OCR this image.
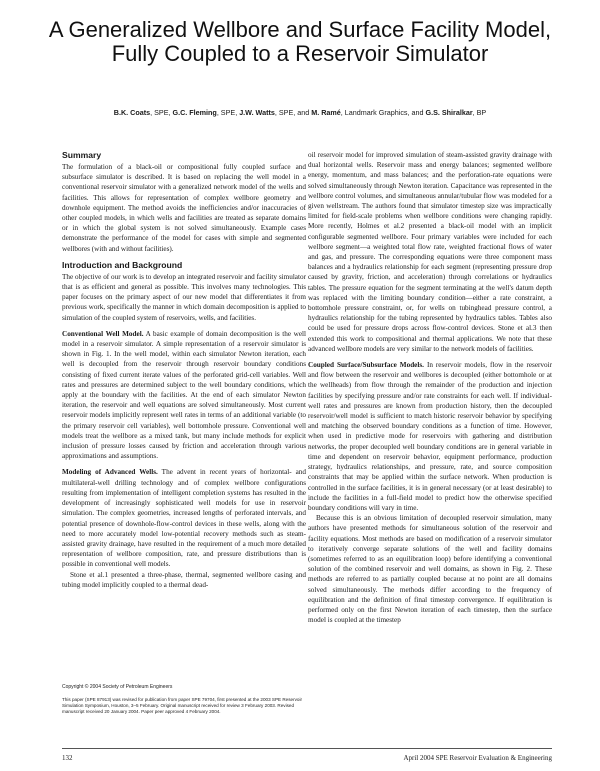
A Generalized Wellbore and Surface Facility Model, Fully Coupled to a Reservoir Simulator
B.K. Coats, SPE, G.C. Fleming, SPE, J.W. Watts, SPE, and M. Ramé, Landmark Graphics, and G.S. Shiralkar, BP
Summary

The formulation of a black-oil or compositional fully coupled surface and subsurface simulator is described. It is based on replacing the well model in a conventional reservoir simulator with a generalized network model of the wells and facilities. This allows for representation of complex wellbore geometry and downhole equipment. The method avoids the inefficiencies and/or inaccuracies of other coupled models, in which wells and facilities are treated as separate domains or in which the global system is not solved simultaneously. Example cases demonstrate the performance of the model for cases with simple and segmented wellbores (with and without facilities).

Introduction and Background

The objective of our work is to develop an integrated reservoir and facility simulator that is as efficient and general as possible. This involves many technologies. This paper focuses on the primary aspect of our new model that differentiates it from previous work, specifically the manner in which domain decomposition is applied to simulation of the coupled system of reservoirs, wells, and facilities.

Conventional Well Model. A basic example of domain decomposition is the well model in a reservoir simulator. A simple representation of a reservoir simulator is shown in Fig. 1. In the well model, within each simulator Newton iteration, each well is decoupled from the reservoir through reservoir boundary conditions consisting of fixed current iterate values of the perforated grid-cell variables. Well rates and pressures are determined subject to the well boundary conditions, which apply at the boundary with the facilities. At the end of each simulator Newton iteration, the reservoir and well equations are solved simultaneously. Most current reservoir models implicitly represent well rates in terms of an additional variable (to the primary reservoir cell variables), well bottomhole pressure. Conventional well models treat the wellbore as a mixed tank, but many include methods for explicit inclusion of pressure losses caused by friction and acceleration through various approximations and assumptions.

Modeling of Advanced Wells. The advent in recent years of horizontal- and multilateral-well drilling technology and of complex wellbore configurations resulting from implementation of intelligent completion systems has resulted in the development of increasingly sophisticated well models for use in reservoir simulation. The complex geometries, increased lengths of perforated intervals, and potential presence of downhole-flow-control devices in these wells, along with the need to more accurately model low-potential recovery methods such as steam-assisted gravity drainage, have resulted in the requirement of a much more detailed representation of wellbore composition, rate, and pressure distributions than is possible in conventional well models.

Stone et al.1 presented a three-phase, thermal, segmented wellbore casing and tubing model implicitly coupled to a thermal dead-

Copyright © 2004 Society of Petroleum Engineers
This paper (SPE 87913) was revised for publication from paper SPE 79704, first presented at the 2003 SPE Reservoir Simulation Symposium, Houston, 3–5 February. Original manuscript received for review 3 February 2003. Revised manuscript received 20 January 2004. Paper peer approved 4 February 2004.

oil reservoir model for improved simulation of steam-assisted gravity drainage with dual horizontal wells. Reservoir mass and energy balances; segmented wellbore energy, momentum, and mass balances; and the perforation-rate equations were solved simultaneously through Newton iteration. Capacitance was represented in the wellbore control volumes, and simultaneous annular/tubular flow was modeled for a given wellstream. The authors found that simulator timestep size was impractically limited for field-scale problems when wellbore conditions were changing rapidly. More recently, Holmes et al.2 presented a black-oil model with an implicit configurable segmented wellbore. Four primary variables were included for each wellbore segment—a weighted total flow rate, weighted fractional flows of water and gas, and pressure. The corresponding equations were three component mass balances and a hydraulics relationship for each segment (representing pressure drop caused by gravity, friction, and acceleration) through correlations or hydraulics tables. The pressure equation for the segment terminating at the well's datum depth was replaced with the limiting boundary condition—either a rate constraint, a bottomhole pressure constraint, or, for wells on tubinghead pressure control, a hydraulics relationship for the tubing represented by hydraulics tables. Tables also could be used for pressure drops across flow-control devices. Stone et al.3 then extended this work to compositional and thermal applications. We note that these advanced wellbore models are very similar to the network models of facilities.

Coupled Surface/Subsurface Models. In reservoir models, flow in the reservoir and flow between the reservoir and wellbores is decoupled (either bottomhole or at the wellheads) from flow through the remainder of the production and injection facilities by specifying pressure and/or rate constraints for each well. If individual-well rates and pressures are known from production history, then the decoupled reservoir/well model is sufficient to match historic reservoir behavior by specifying and matching the observed boundary conditions as a function of time. However, when used in predictive mode for reservoirs with gathering and distribution networks, the proper decoupled well boundary conditions are in general variable in time and dependent on reservoir behavior, equipment performance, production strategy, hydraulics relationships, and pressure, rate, and source composition constraints that may be applied within the surface network. When production is controlled in the surface facilities, it is in general necessary (or at least desirable) to include the facilities in a full-field model to predict how the otherwise specified boundary conditions will vary in time.

Because this is an obvious limitation of decoupled reservoir simulation, many authors have presented methods for simultaneous solution of the reservoir and facility equations. Most methods are based on modification of a reservoir simulator to iteratively converge separate solutions of the well and facility domains (sometimes referred to as an equilibration loop) before identifying a conventional solution of the combined reservoir and well domains, as shown in Fig. 2. These methods are referred to as partially coupled because at no point are all domains solved simultaneously. The methods differ according to the frequency of equilibration and the definition of final timestep convergence. If equilibration is performed only on the first Newton iteration of each timestep, then the surface model is coupled at the timestep

132	April 2004 SPE Reservoir Evaluation & Engineering
